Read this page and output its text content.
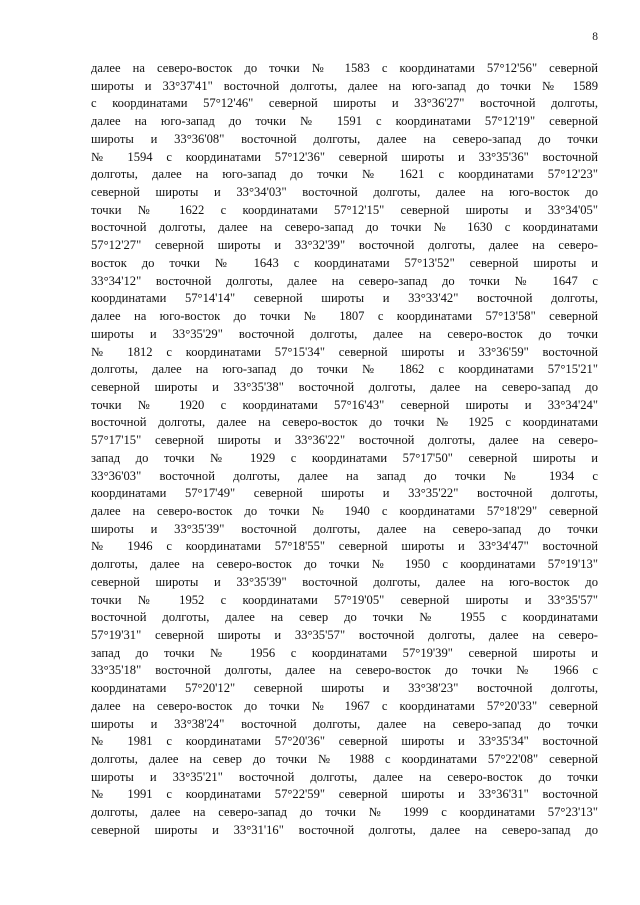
8
далее на северо-восток до точки № 1583 с координатами 57°12'56" северной
широты и 33°37'41" восточной долготы, далее на юго-запад до точки № 1589
с координатами 57°12'46" северной широты и 33°36'27" восточной долготы,
далее на юго-запад до точки № 1591 с координатами 57°12'19" северной
широты и 33°36'08" восточной долготы, далее на северо-запад до точки
№ 1594 с координатами 57°12'36" северной широты и 33°35'36" восточной
долготы, далее на юго-запад до точки № 1621 с координатами 57°12'23"
северной широты и 33°34'03" восточной долготы, далее на юго-восток до
точки № 1622 с координатами 57°12'15" северной широты и 33°34'05"
восточной долготы, далее на северо-запад до точки № 1630 с координатами
57°12'27" северной широты и 33°32'39" восточной долготы, далее на северо-
восток до точки № 1643 с координатами 57°13'52" северной широты и
33°34'12" восточной долготы, далее на северо-запад до точки № 1647 с
координатами 57°14'14" северной широты и 33°33'42" восточной долготы,
далее на юго-восток до точки № 1807 с координатами 57°13'58" северной
широты и 33°35'29" восточной долготы, далее на северо-восток до точки
№ 1812 с координатами 57°15'34" северной широты и 33°36'59" восточной
долготы, далее на юго-запад до точки № 1862 с координатами 57°15'21"
северной широты и 33°35'38" восточной долготы, далее на северо-запад до
точки № 1920 с координатами 57°16'43" северной широты и 33°34'24"
восточной долготы, далее на северо-восток до точки № 1925 с координатами
57°17'15" северной широты и 33°36'22" восточной долготы, далее на северо-
запад до точки № 1929 с координатами 57°17'50" северной широты и
33°36'03" восточной долготы, далее на запад до точки № 1934 с
координатами 57°17'49" северной широты и 33°35'22" восточной долготы,
далее на северо-восток до точки № 1940 с координатами 57°18'29" северной
широты и 33°35'39" восточной долготы, далее на северо-запад до точки
№ 1946 с координатами 57°18'55" северной широты и 33°34'47" восточной
долготы, далее на северо-восток до точки № 1950 с координатами 57°19'13"
северной широты и 33°35'39" восточной долготы, далее на юго-восток до
точки № 1952 с координатами 57°19'05" северной широты и 33°35'57"
восточной долготы, далее на север до точки № 1955 с координатами
57°19'31" северной широты и 33°35'57" восточной долготы, далее на северо-
запад до точки № 1956 с координатами 57°19'39" северной широты и
33°35'18" восточной долготы, далее на северо-восток до точки № 1966 с
координатами 57°20'12" северной широты и 33°38'23" восточной долготы,
далее на северо-восток до точки № 1967 с координатами 57°20'33" северной
широты и 33°38'24" восточной долготы, далее на северо-запад до точки
№ 1981 с координатами 57°20'36" северной широты и 33°35'34" восточной
долготы, далее на север до точки № 1988 с координатами 57°22'08" северной
широты и 33°35'21" восточной долготы, далее на северо-восток до точки
№ 1991 с координатами 57°22'59" северной широты и 33°36'31" восточной
долготы, далее на северо-запад до точки № 1999 с координатами 57°23'13"
северной широты и 33°31'16" восточной долготы, далее на северо-запад до
